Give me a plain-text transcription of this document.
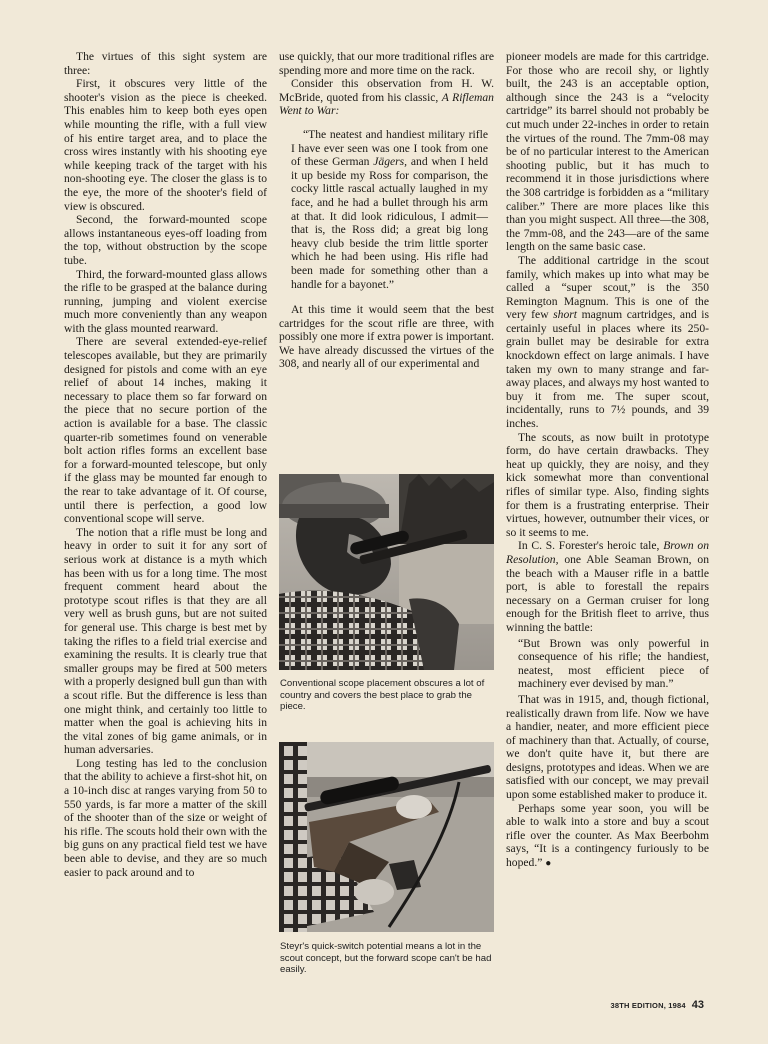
The virtues of this sight system are three:

First, it obscures very little of the shooter's vision as the piece is cheeked. This enables him to keep both eyes open while mounting the rifle, with a full view of his entire target area, and to place the cross wires instantly with his shooting eye while keeping track of the target with his non-shooting eye. The closer the glass is to the eye, the more of the shooter's field of view is obscured.

Second, the forward-mounted scope allows instantaneous eyes-off loading from the top, without obstruction by the scope tube.

Third, the forward-mounted glass allows the rifle to be grasped at the balance during running, jumping and violent exercise much more conveniently than any weapon with the glass mounted rearward.

There are several extended-eye-relief telescopes available, but they are primarily designed for pistols and come with an eye relief of about 14 inches, making it necessary to place them so far forward on the piece that no secure portion of the action is available for a base. The classic quarter-rib sometimes found on venerable bolt action rifles forms an excellent base for a forward-mounted telescope, but only if the glass may be mounted far enough to the rear to take advantage of it. Of course, until there is perfection, a good low conventional scope will serve.

The notion that a rifle must be long and heavy in order to suit it for any sort of serious work at distance is a myth which has been with us for a long time. The most frequent comment heard about the prototype scout rifles is that they are all very well as brush guns, but are not suited for general use. This charge is best met by taking the rifles to a field trial exercise and examining the results. It is clearly true that smaller groups may be fired at 500 meters with a properly designed bull gun than with a scout rifle. But the difference is less than one might think, and certainly too little to matter when the goal is achieving hits in the vital zones of big game animals, or in human adversaries.

Long testing has led to the conclusion that the ability to achieve a first-shot hit, on a 10-inch disc at ranges varying from 50 to 550 yards, is far more a matter of the skill of the shooter than of the size or weight of his rifle. The scouts hold their own with the big guns on any practical field test we have been able to devise, and they are so much easier to pack around and to

use quickly, that our more traditional rifles are spending more and more time on the rack.

Consider this observation from H. W. McBride, quoted from his classic, A Rifleman Went to War:

“The neatest and handiest military rifle I have ever seen was one I took from one of these German Jägers, and when I held it up beside my Ross for comparison, the cocky little rascal actually laughed in my face, and he had a bullet through his arm at that. It did look ridiculous, I admit—that is, the Ross did; a great big long heavy club beside the trim little sporter which he had been using. His rifle had been made for something other than a handle for a bayonet.”

At this time it would seem that the best cartridges for the scout rifle are three, with possibly one more if extra power is important. We have already discussed the virtues of the 308, and nearly all of our experimental and

Conventional scope placement obscures a lot of country and covers the best place to grab the piece.
Steyr's quick-switch potential means a lot in the scout concept, but the forward scope can't be had easily.

pioneer models are made for this cartridge. For those who are recoil shy, or lightly built, the 243 is an acceptable option, although since the 243 is a “velocity cartridge” its barrel should not probably be cut much under 22-inches in order to retain the virtues of the round. The 7mm-08 may be of no particular interest to the American shooting public, but it has much to recommend it in those jurisdictions where the 308 cartridge is forbidden as a “military caliber.” There are more places like this than you might suspect. All three—the 308, the 7mm-08, and the 243—are of the same length on the same basic case.

The additional cartridge in the scout family, which makes up into what may be called a “super scout,” is the 350 Remington Magnum. This is one of the very few short magnum cartridges, and is certainly useful in places where its 250-grain bullet may be desirable for extra knockdown effect on large animals. I have taken my own to many strange and far-away places, and always my host wanted to buy it from me. The super scout, incidentally, runs to 7½ pounds, and 39 inches.

The scouts, as now built in prototype form, do have certain drawbacks. They heat up quickly, they are noisy, and they kick somewhat more than conventional rifles of similar type. Also, finding sights for them is a frustrating enterprise. Their virtues, however, outnumber their vices, or so it seems to me.

In C. S. Forester's heroic tale, Brown on Resolution, one Able Seaman Brown, on the beach with a Mauser rifle in a battle port, is able to forestall the repairs necessary on a German cruiser for long enough for the British fleet to arrive, thus winning the battle:

“But Brown was only powerful in consequence of his rifle; the handiest, neatest, most efficient piece of machinery ever devised by man.”

That was in 1915, and, though fictional, realistically drawn from life. Now we have a handier, neater, and more efficient piece of machinery than that. Actually, of course, we don't quite have it, but there are designs, prototypes and ideas. When we are satisfied with our concept, we may prevail upon some established maker to produce it.

Perhaps some year soon, you will be able to walk into a store and buy a scout rifle over the counter. As Max Beerbohm says, “It is a contingency furiously to be hoped.” ●

38TH EDITION, 1984 43
